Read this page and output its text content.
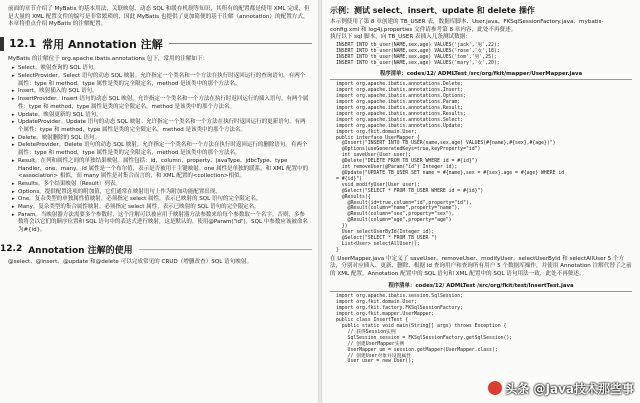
前面的章节介绍了 MyBatis 的基本用法、关联映射、动态 SQL 和缓存机制等知识，其所有的配置都是使用 XML 完成，但是大量的 XML 配置文件的编写是非常繁琐的，因此 MyBatis 也提供了更加简便的基于注解（annotation）的配置方式，本章将重点介绍 MyBatis 的注解配置。
12.1 常用 Annotation 注解
MyBatis 的注解位于 org.apache.ibatis.annotations 包下，常用的注解如下：
▸ Select。映射查询的 SQL 语句。
▸ SelectProvider。Select 语句的动态 SQL 映射。允许指定一个类名和一个方法在执行时返回运行的查询语句。有两个属性：type 和 method，type 属性是类的完全限定名，method 是该类中的那个方法名。
▸ Insert。映射插入的 SQL 语句。
▸ InsertProvider。Insert 语句的动态 SQL 映射。允许指定一个类名和一个方法在执行时返回运行的插入语句。有两个属性：type 和 method，type 属性是类的完全限定名，method 是该类中的那个方法名。
▸ Update。映射更新的 SQL 语句。
▸ UpdateProvider。Update 语句的动态 SQL 映射。允许指定一个类名和一个方法在执行时返回运行的更新语句。有两个属性：type 和 method，type 属性是类的完全限定名，method 是该类中的那个方法名。
▸ Delete。映射删除的 SQL 语句。
▸ DeleteProvider。Delete 语句的动态 SQL 映射。允许指定一个类名和一个方法在执行时返回运行的删除语句。有两个属性：type 和 method，type 属性是类的完全限定名，method 是该类中的那个方法名。
▸ Result。在列和属性之间的单独结果映射。属性包括：id、column、property、javaType、jdbcType、type Handler、one、many。id 属性是一个布尔值，表示是否被用于主键映射。one 属性是单独的联系，和 XML 配置中的 <association> 相似，而 many 属性是对集合而言的，和 XML 配置的<collection>相似。
▸ Results。多个结果映射（Result）列表。
▸ Options。提供配置选项的附加值，它们通常在映射语句上作为附加功能配置出现。
▸ One。复杂类型的单独属性值映射。必须指定 select 属性，表示已映射的 SQL 语句的完全限定名。
▸ Many。复杂类型的集合属性映射。必须指定 select 属性，表示已映射的 SQL 语句的完全限定名。
▸ Param。当映射器方法需要多个参数时，这个注解可以被应用于映射器方法参数来给每个参数取一个名字。否则，多参数将会以它们的顺序位置和 SQL 语句中的表达式进行映射，这是默认的。使用@Param("id")，SQL 中参数应该被命名为#{id}。
12.2 Annotation 注解的使用
@select、@insert、@update 和@delete 可以完成常见的 CRUD（增删改查）SQL 语句映射。
示例：测试 select、insert、update 和 delete 操作
本示例使用了第 8 章创建的 TB_USER 表，数据库脚本、User.java、FKSqlSessionFactory.java、mybatis-config.xml 和 log4j.properties 文件请参考第 8 章内容，此处不再赘述。
执行以下 sql 脚本，向 TB_USER 表插入几条测试数据：
INSERT INTO tb_user(NAME,sex,age) VALUES('jack','男',22);
INSERT INTO tb_user(NAME,sex,age) VALUES('rose','女',18);
INSERT INTO tb_user(NAME,sex,age) VALUES('tom','男',25);
INSERT INTO tb_user(NAME,sex,age) VALUES('mary','女',20);
程序清单：codes/12/ ADMLTest /src/org/fkit/mapper/UserMapper.java
import org.apache.ibatis.annotations.Delete;
import org.apache.ibatis.annotations.Insert;
import org.apache.ibatis.annotations.Options;
import org.apache.ibatis.annotations.Param;
import org.apache.ibatis.annotations.Result;
import org.apache.ibatis.annotations.Results;
import org.apache.ibatis.annotations.Select;
import org.apache.ibatis.annotations.Update;
import org.fkit.domain.User;
public interface UserMapper {
@Insert("INSERT INTO TB_USER(name,sex,age) VALUES(#{name},#{sex},#{age})")
@Options(useGeneratedKeys=true,keyProperty="id")
int saveUser(User user);
@Delete("DELETE FROM TB_USER WHERE id = #{id}")
int removeUser(@Param("id") Integer id);
@Update("UPDATE TB_USER SET name = #{name},sex = #{sex},age = #{age} WHERE id
= #{id}")
void modifyUser(User user);
@Select("SELECT * FROM TB_USER WHERE id = #{id}")
@Results({
@Result(id=true,column="id",property="id"),
@Result(column="name",property="name"),
@Result(column="sex",property="sex"),
@Result(column="age",property="age")
})
User selectUserById(Integer id);
@Select("SELECT * FROM TB_USER ")
List<User> selectAllUser();
}
在 UserMapper.java 中定义了 saveUser、removeUser、modifyUser、selectUserById 和 selectAllUser 5 个方法，分别对应插入、更新、删除、根据 id 查询用户和查询所有用户 5 个数据库操作，并使用 Annotation 注解代替了之前的 XML 配置，Annotation 配置中的 SQL 语句和 XML 配置中的 SQL 语句用法一致，此处不再赘述。
程序清单：codes/12/ ADMLTest /src/org/fkit/test/InsertTest.java
import org.apache.ibatis.session.SqlSession;
import org.fkit.domain.User;
import org.fkit.factory.FKSqlSessionFactory;
import org.fkit.mapper.UserMapper;
public class InsertTest {
public static void main(String[] args) throws Exception {
// 获得Session实例
SqlSession session = FKSqlSessionFactory.getSqlSession();
// 创建UserMapper实例
UserMapper um = session.getMapper(UserMapper.class);
// 创建User对象并设置属性
User user = new User();
头条 @Java技术那些事
